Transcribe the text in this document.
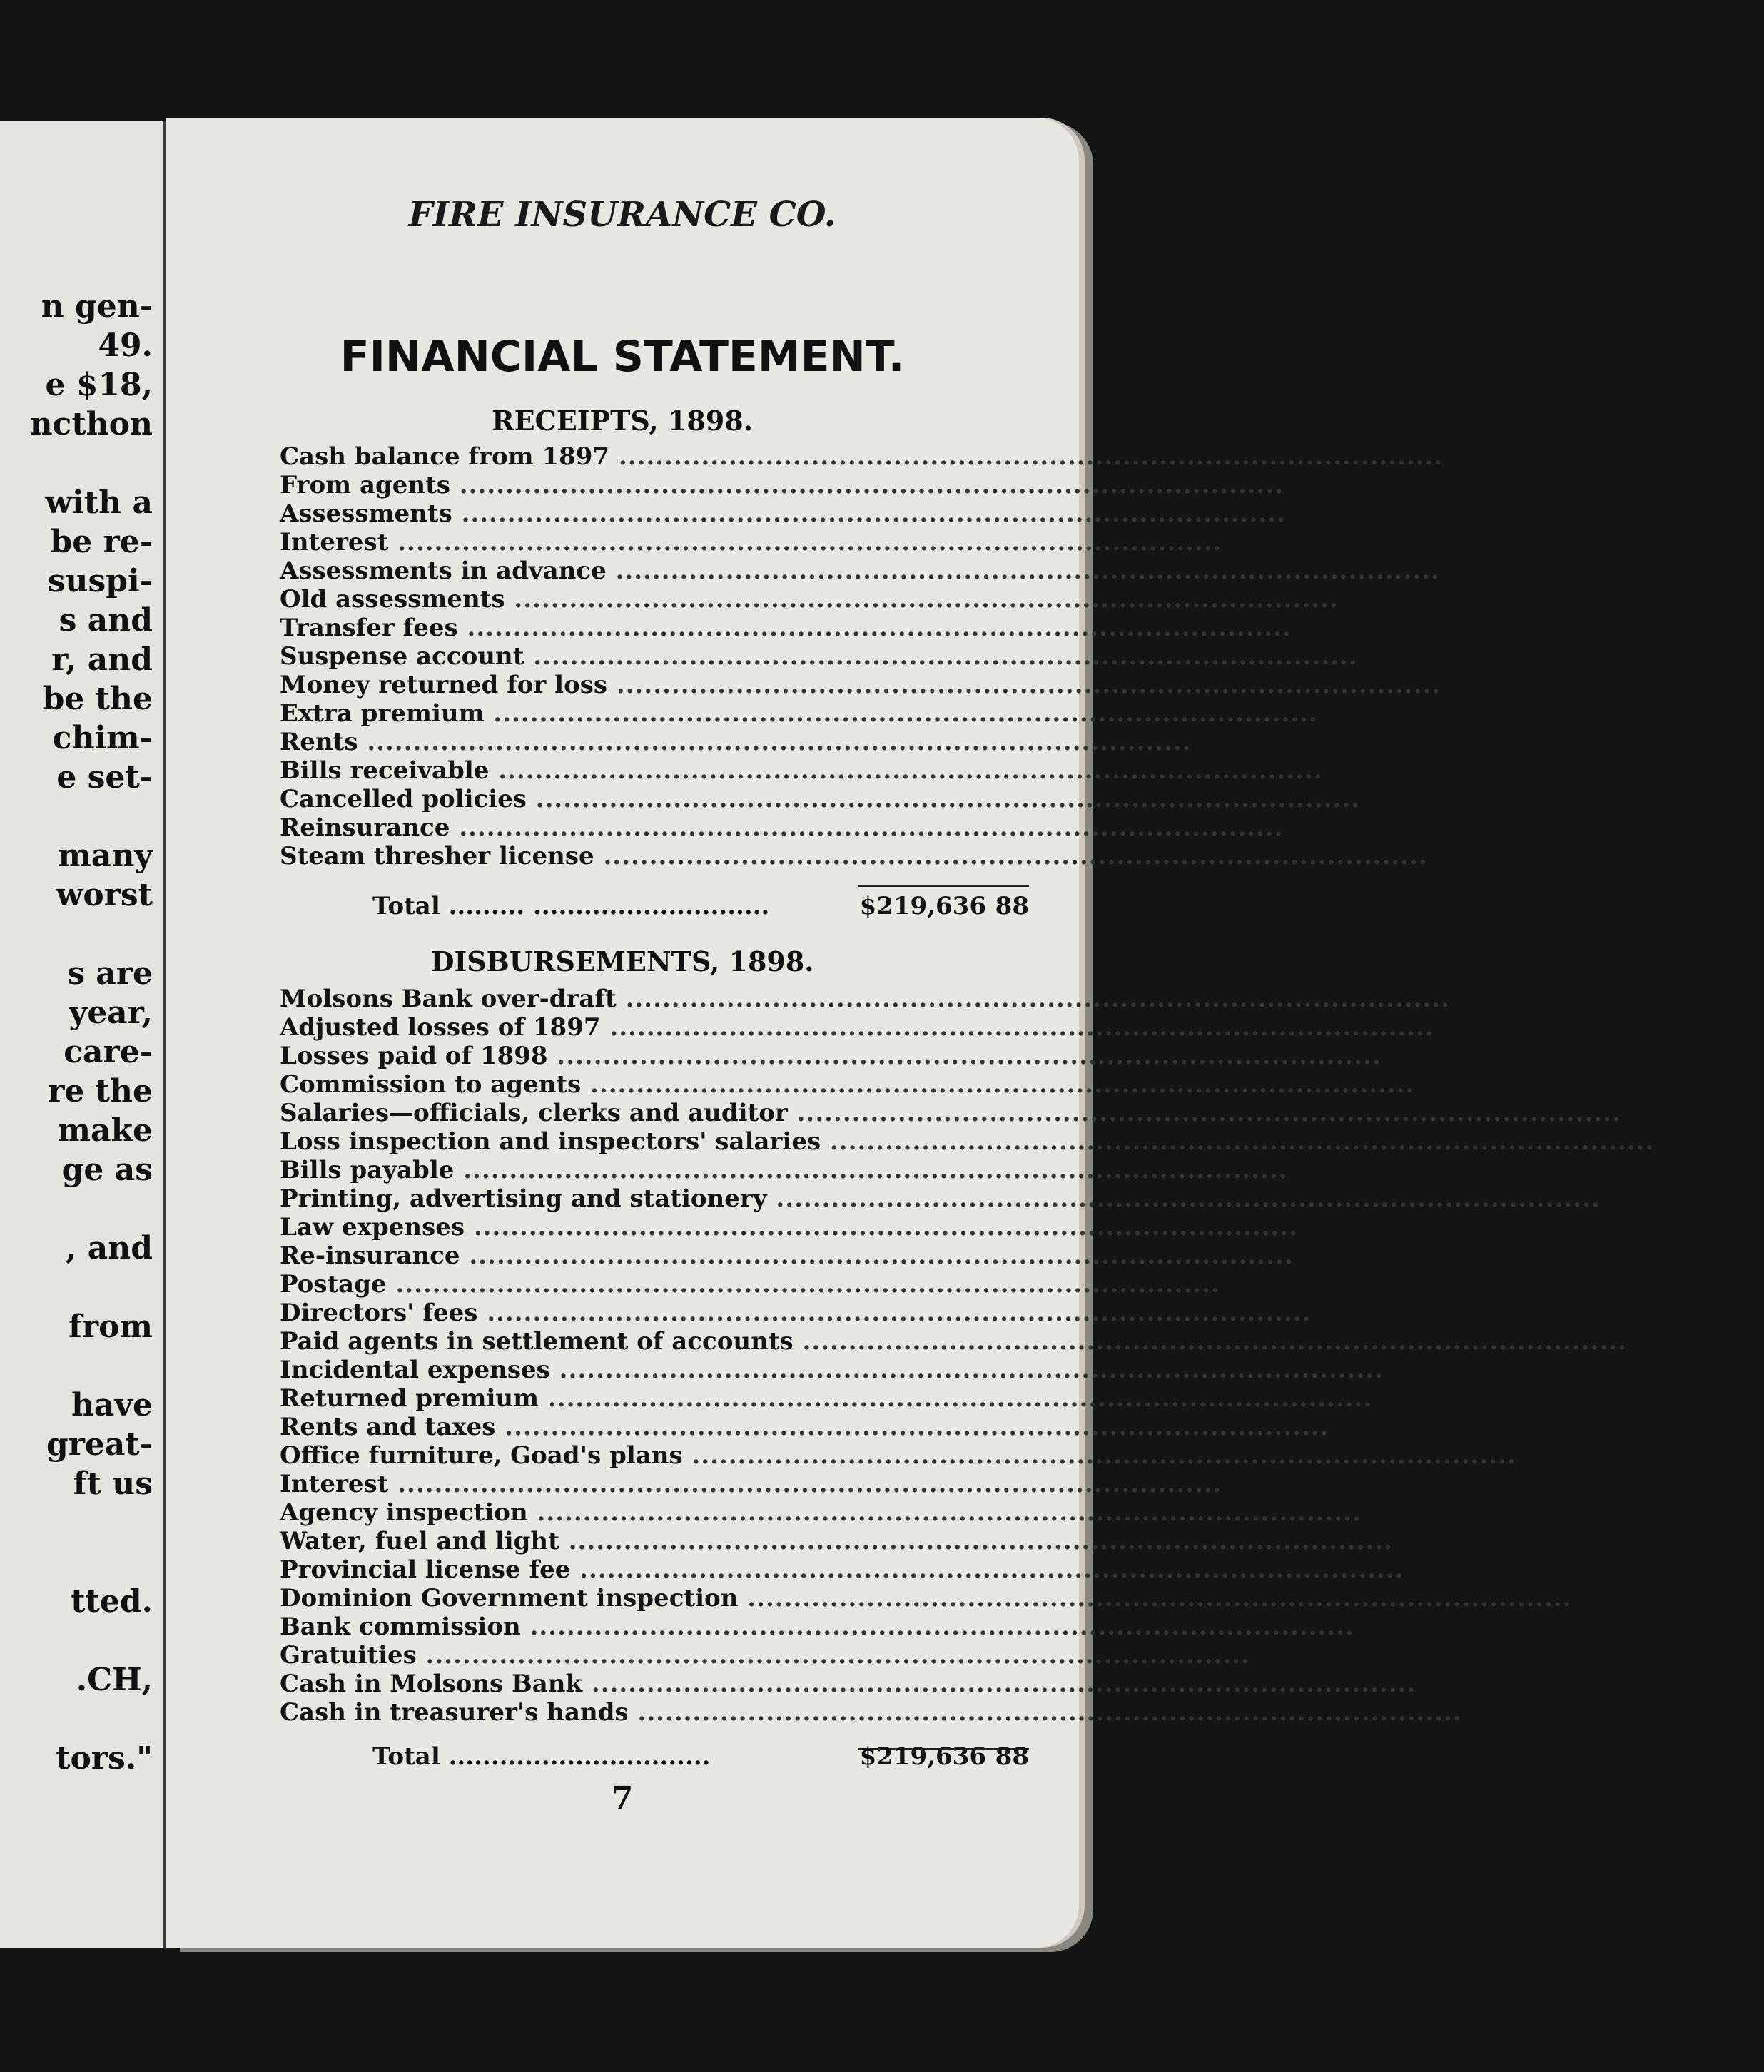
n gen-
49.
e $18,
ncthon
with a
be re-
suspi-
s and
r, and
be the
chim-
e set-
many
worst
s are
year,
care-
re the
make
ge as
, and
from
have
great-
ft us
tted.
.CH,
tors."
FIRE INSURANCE CO.
FINANCIAL STATEMENT.
RECEIPTS, 1898.
Cash balance from 1897 .......................................................................................... $ 297 46
From agents .......................................................................................... 114,661 28
Assessments .......................................................................................... 98,756 98
Interest .......................................................................................... 3,193 67
Assessments in advance .......................................................................................... 512 48
Old assessments .......................................................................................... 502 79
Transfer fees .......................................................................................... 378 95
Suspense account .......................................................................................... 330 00
Money returned for loss .......................................................................................... 287 00
Extra premium .......................................................................................... 268 32
Rents .......................................................................................... 243 00
Bills receivable .......................................................................................... 150 00
Cancelled policies .......................................................................................... 35 95
Reinsurance .......................................................................................... 18 00
Steam thresher license .......................................................................................... 1 00
Total ......... ............................	$219,636 88
DISBURSEMENTS, 1898.
Molsons Bank over-draft .......................................................................................... $2,368 69
Adjusted losses of 1897 .......................................................................................... 5,924 60
Losses paid of 1898 .......................................................................................... 113,867 57
Commission to agents .......................................................................................... 30,371 71
Salaries—officials, clerks and auditor .......................................................................................... 10,725 83
Loss inspection and inspectors' salaries .......................................................................................... 5,122 84
Bills payable .......................................................................................... 20,000 00
Printing, advertising and stationery .......................................................................................... 2,067 86
Law expenses .......................................................................................... 2,384 79
Re-insurance .......................................................................................... 2,350 39
Postage .......................................................................................... 2,084 47
Directors' fees .......................................................................................... 1,772 35
Paid agents in settlement of accounts .......................................................................................... 1,511 75
Incidental expenses .......................................................................................... 542 27
Returned premium .......................................................................................... 571 87
Rents and taxes .......................................................................................... 573 12
Office furniture, Goad's plans .......................................................................................... 514 60
Interest .......................................................................................... 471 78
Agency inspection .......................................................................................... 182 65
Water, fuel and light .......................................................................................... 121 54
Provincial license fee .......................................................................................... 150 00
Dominion Government inspection .......................................................................................... 88 38
Bank commission .......................................................................................... 91 80
Gratuities .......................................................................................... 35 00
Cash in Molsons Bank .......................................................................................... 14,785 36
Cash in treasurer's hands .......................................................................................... 955 66
Total ...............................	$219,636 88
7
